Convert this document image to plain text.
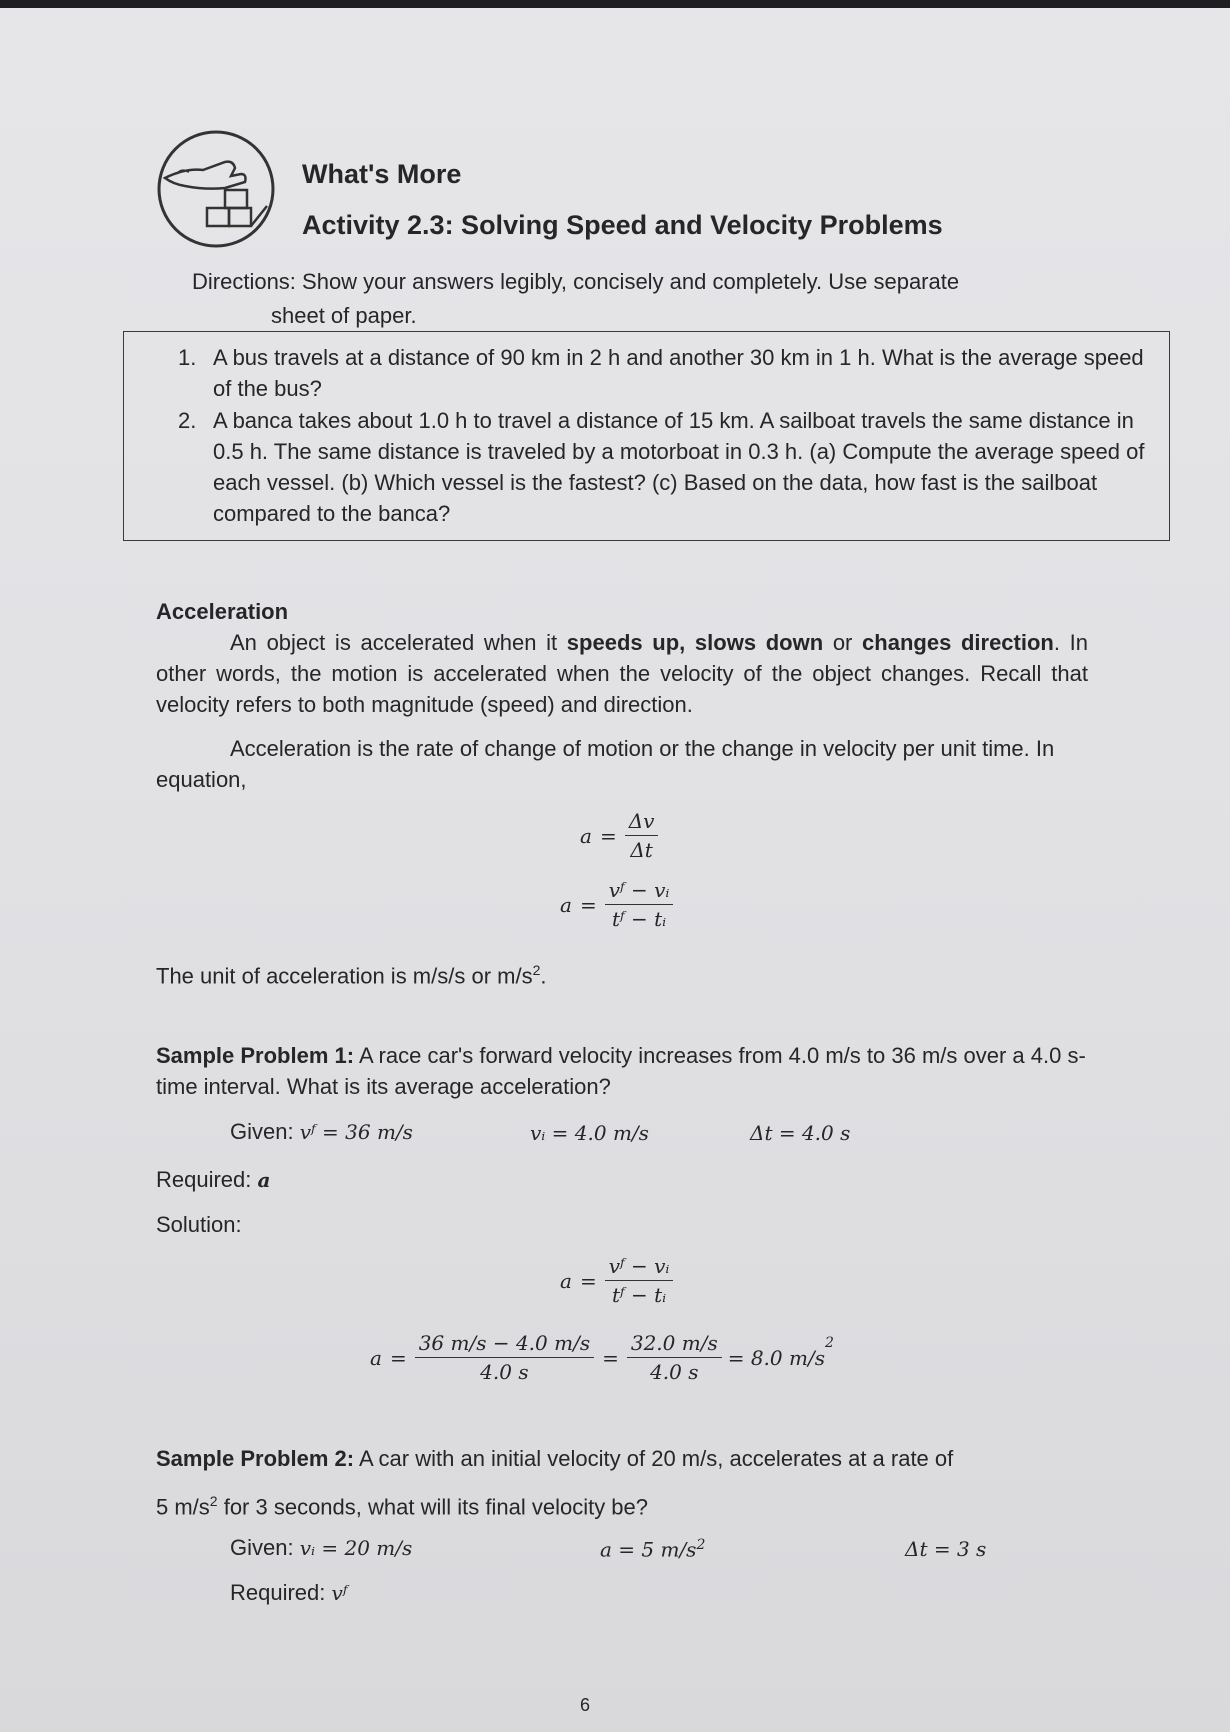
What's More
Activity 2.3: Solving Speed and Velocity Problems
Directions: Show your answers legibly, concisely and completely. Use separate
sheet of paper.
1. A bus travels at a distance of 90 km in 2 h and another 30 km in 1 h. What is the average speed of the bus?
2. A banca takes about 1.0 h to travel a distance of 15 km. A sailboat travels the same distance in 0.5 h. The same distance is traveled by a motorboat in 0.3 h. (a) Compute the average speed of each vessel. (b) Which vessel is the fastest? (c) Based on the data, how fast is the sailboat compared to the banca?
Acceleration

An object is accelerated when it speeds up, slows down or changes direction. In other words, the motion is accelerated when the velocity of the object changes. Recall that velocity refers to both magnitude (speed) and direction.

Acceleration is the rate of change of motion or the change in velocity per unit time. In equation,

$a = \frac{\Delta v}{\Delta t}$
$a = \frac{\text{vᶠ − vᵢ}}{\text{tᶠ − tᵢ}}$
The unit of acceleration is m/s/s or $m/s^2$.

Sample Problem 1: A race car's forward velocity increases from 4.0 m/s to 36 m/s over a 4.0 s-time interval. What is its average acceleration?

Given: vᶠ = 36 m/s	vᵢ = 4.0 m/s	Δt = 4.0 s
Required: a
Solution:
$a = \frac{\text{vᶠ − vᵢ}}{\text{tᶠ − tᵢ}}$
$a = \frac{36 m/s - 4.0 m/s}{4.0 s} = \frac{32.0 m/s}{4.0 s} = 8.0$ m/s
$^2$
Sample Problem 2: A car with an initial velocity of 20 m/s, accelerates at a rate of
5 $m/s^2$ for 3 seconds, what will its final velocity be?
Given: vᵢ = 20 m/s	a = 5 $m/s^2$	Δt = 3 s
Required: vᶠ
6
